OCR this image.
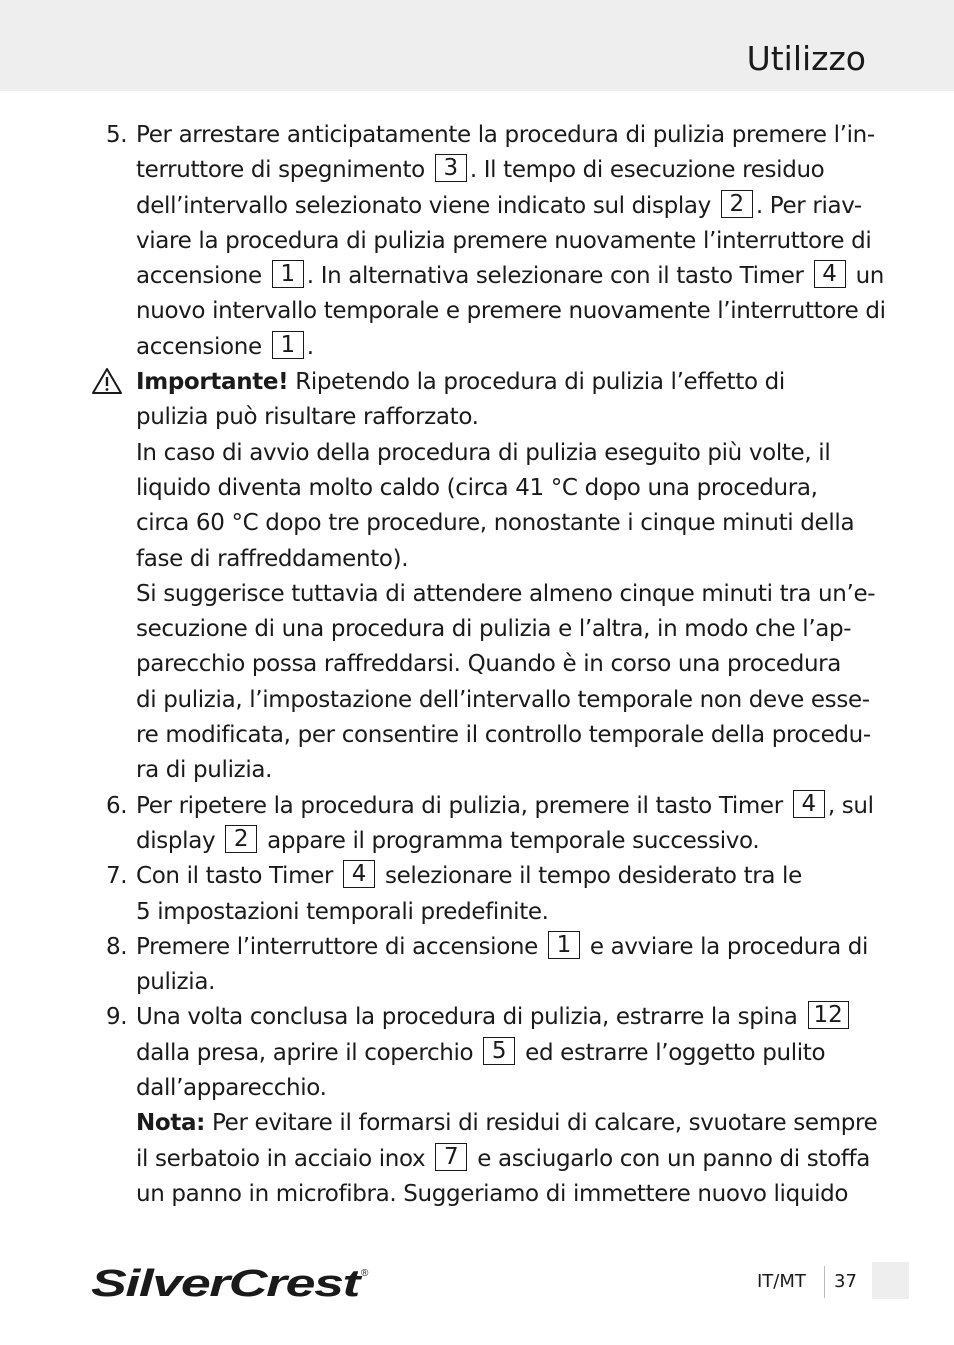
Utilizzo
5. Per arrestare anticipatamente la procedura di pulizia premere l’in-
terruttore di spegnimento 3 . Il tempo di esecuzione residuo
dell’intervallo selezionato viene indicato sul display 2 . Per riav-
viare la procedura di pulizia premere nuovamente l’interruttore di
accensione 1 . In alternativa selezionare con il tasto Timer 4 un
nuovo intervallo temporale e premere nuovamente l’interruttore di
accensione 1 .
Importante! Ripetendo la procedura di pulizia l’effetto di
pulizia può risultare rafforzato.
In caso di avvio della procedura di pulizia eseguito più volte, il
liquido diventa molto caldo (circa 41 °C dopo una procedura,
circa 60 °C dopo tre procedure, nonostante i cinque minuti della
fase di raffreddamento).
Si suggerisce tuttavia di attendere almeno cinque minuti tra un’e-
secuzione di una procedura di pulizia e l’altra, in modo che l’ap-
parecchio possa raffreddarsi. Quando è in corso una procedura
di pulizia, l’impostazione dell’intervallo temporale non deve esse-
re modificata, per consentire il controllo temporale della procedu-
ra di pulizia.
6. Per ripetere la procedura di pulizia, premere il tasto Timer 4 , sul
display 2 appare il programma temporale successivo.
7. Con il tasto Timer 4 selezionare il tempo desiderato tra le
5 impostazioni temporali predefinite.
8. Premere l’interruttore di accensione 1 e avviare la procedura di
pulizia.
9. Una volta conclusa la procedura di pulizia, estrarre la spina 12
dalla presa, aprire il coperchio 5 ed estrarre l’oggetto pulito
dall’apparecchio.
Nota: Per evitare il formarsi di residui di calcare, svuotare sempre
il serbatoio in acciaio inox 7 e asciugarlo con un panno di stoffa
un panno in microfibra. Suggeriamo di immettere nuovo liquido
SilverCrest
®	IT/MT 37
